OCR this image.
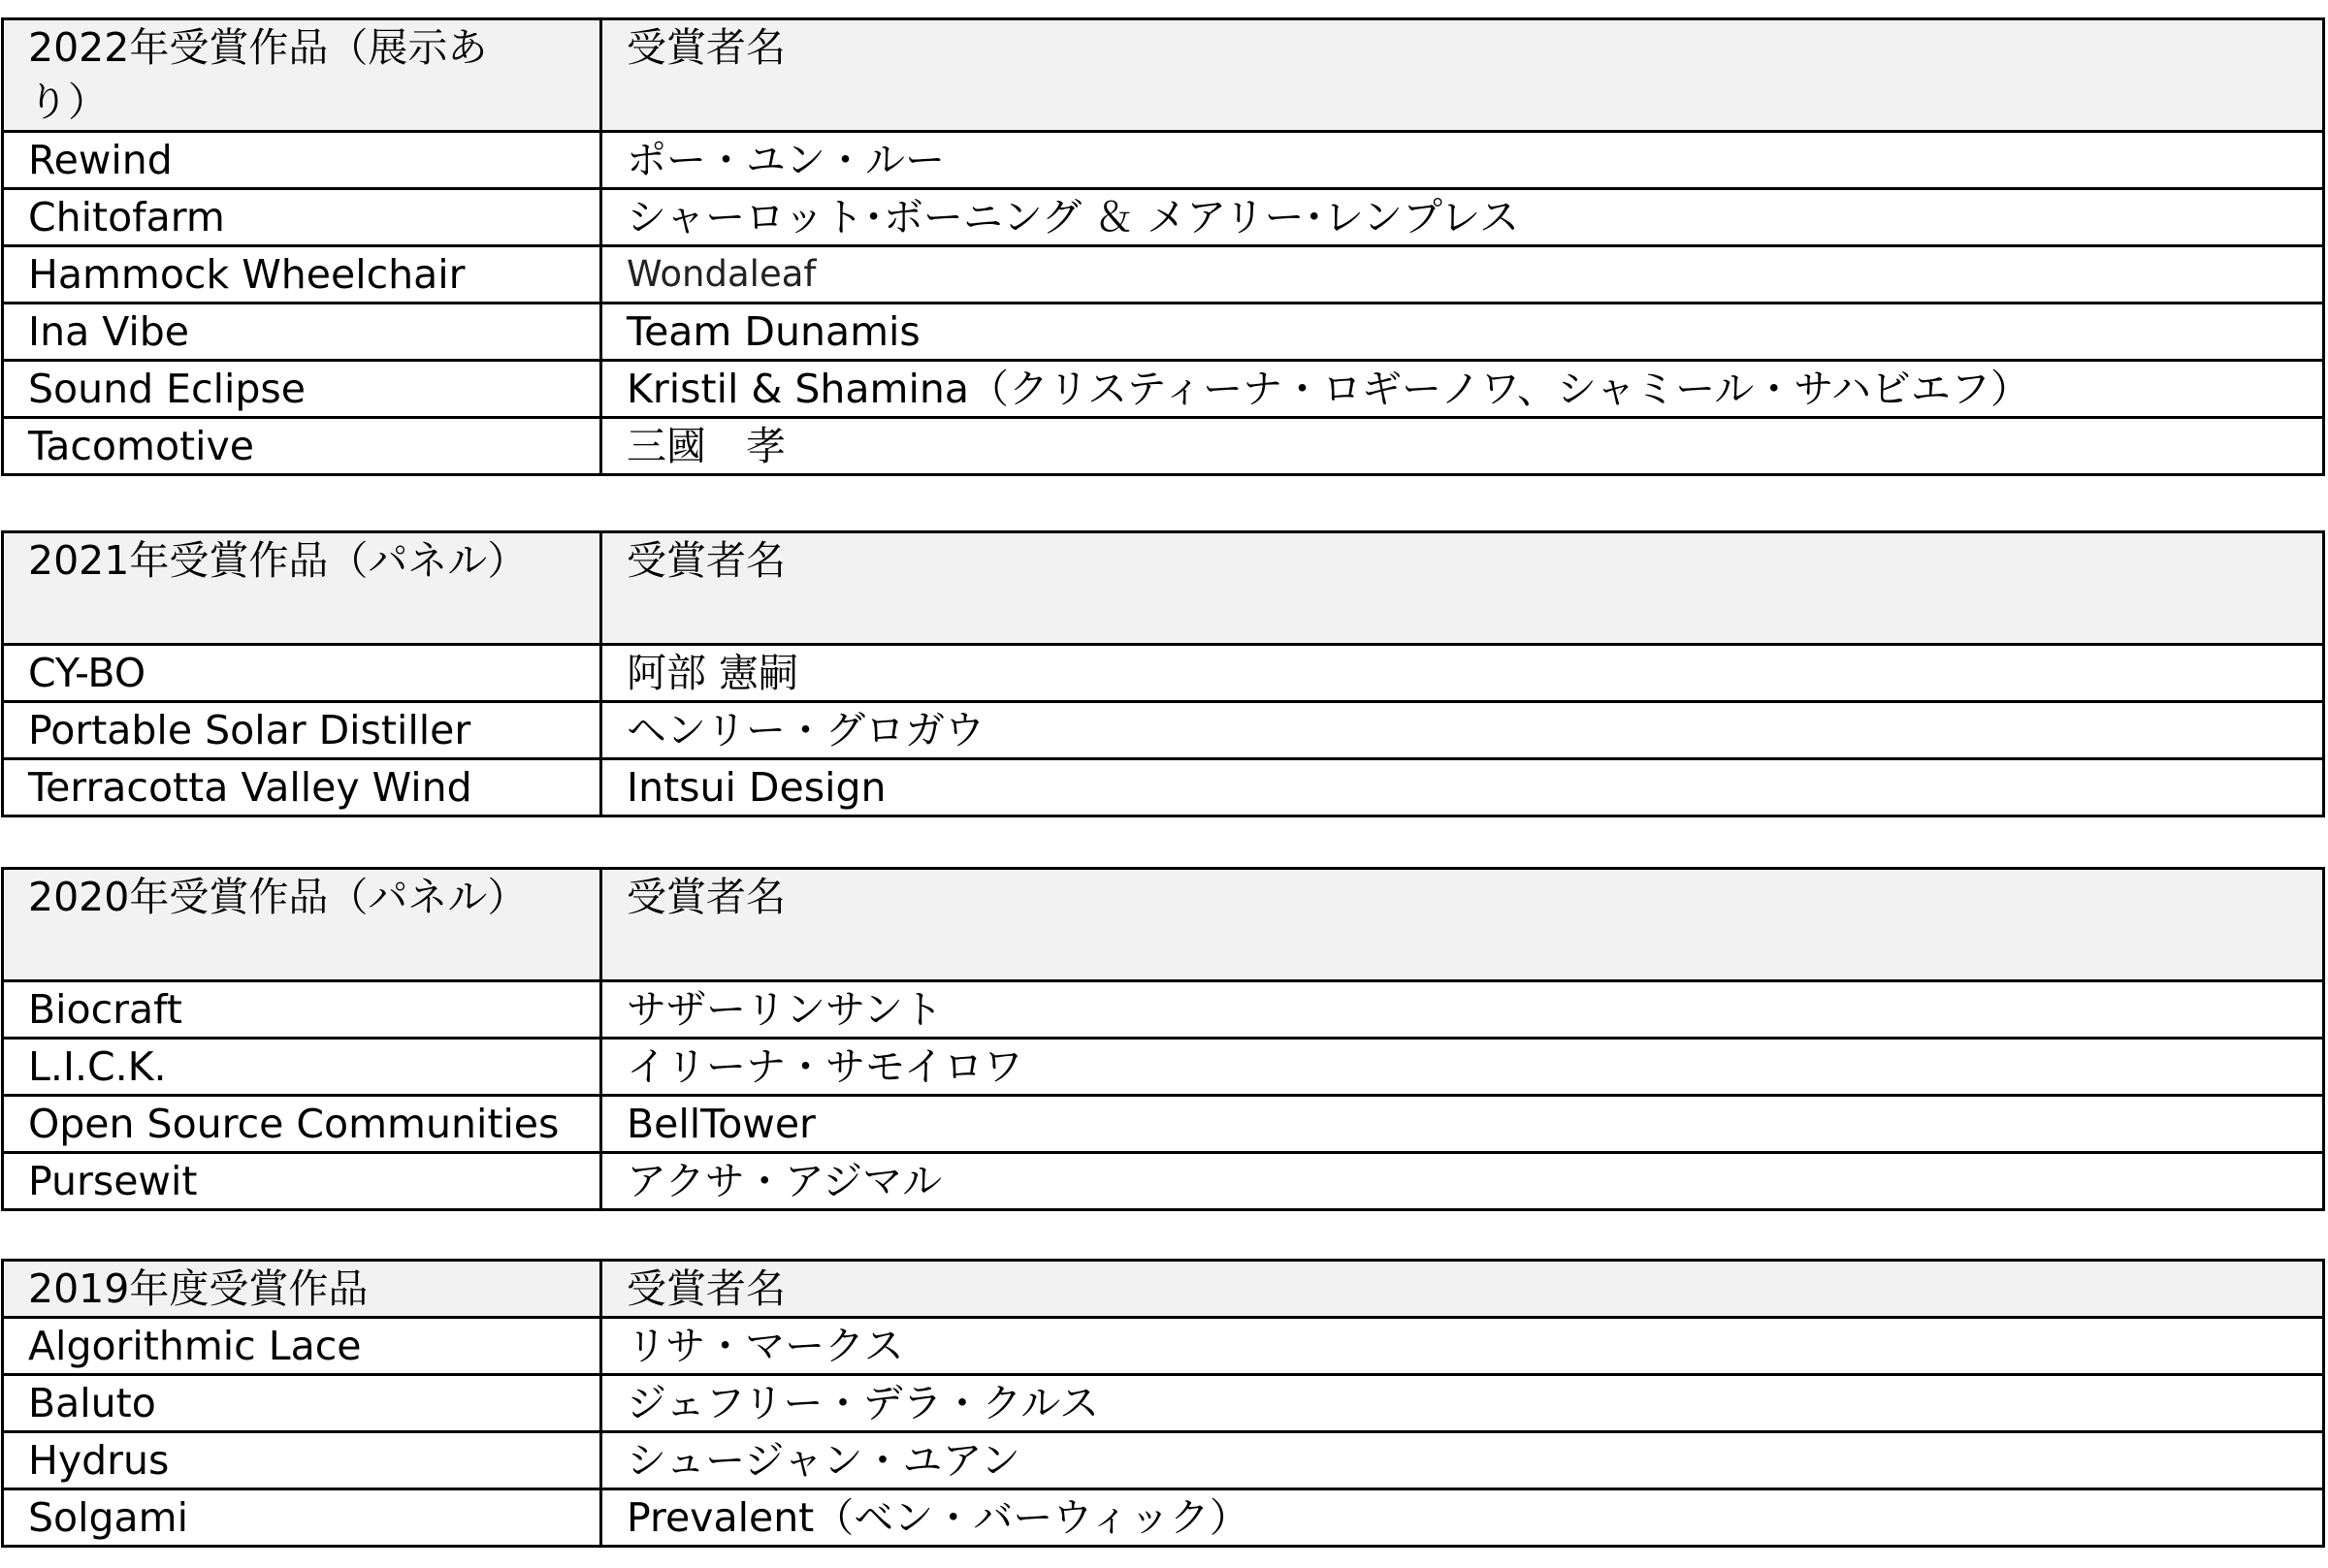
2022年受賞作品（展示あり）	受賞者名
Rewind	ポー・ユン・ルー
Chitofarm	シャーロット･ボーニング ＆ メアリー･レンプレス
Hammock Wheelchair	Wondaleaf
Ina Vibe	Team Dunamis
Sound Eclipse	Kristil & Shamina（クリスティーナ・ロギーノワ、シャミール・サハビエフ）
Tacomotive	三國　孝
2021年受賞作品（パネル）	受賞者名
CY-BO	阿部 憲嗣
Portable Solar Distiller	ヘンリー・グロガウ
Terracotta Valley Wind	Intsui Design
2020年受賞作品（パネル）	受賞者名
Biocraft	サザーリンサント
L.I.C.K.	イリーナ・サモイロワ
Open Source Communities	BellTower
Pursewit	アクサ・アジマル
2019年度受賞作品	受賞者名
Algorithmic Lace	リサ・マークス
Baluto	ジェフリー・デラ・クルス
Hydrus	シュージャン・ユアン
Solgami	Prevalent（ベン・バーウィック）
